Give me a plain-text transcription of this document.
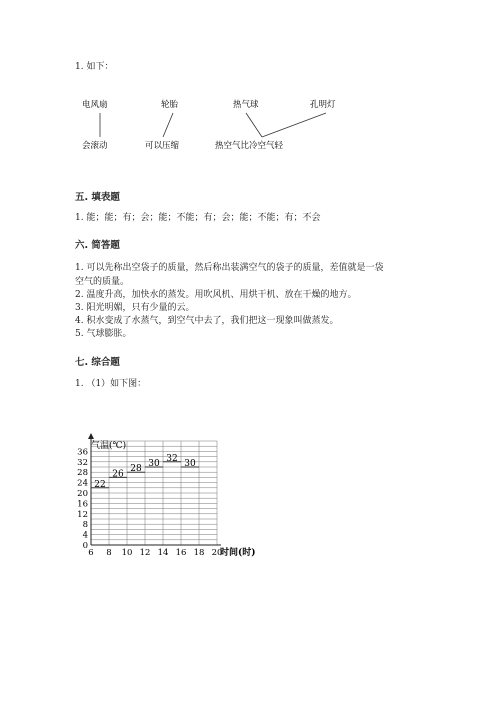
1. 如下：
电风扇	轮胎	热气球	孔明灯
会滚动	可以压缩	热空气比冷空气轻
五. 填表题
1. 能；能；有；会；能；不能；有；会；能；不能；有；不会
六. 简答题
1. 可以先称出空袋子的质量，然后称出装满空气的袋子的质量，差值就是一袋
空气的质量。
2. 温度升高，加快水的蒸发。用吹风机、用烘干机、放在干燥的地方。
3. 阳光明媚，只有少量的云。
4. 积水变成了水蒸气，到空气中去了，我们把这一现象叫做蒸发。
5. 气球膨胀。
七. 综合题
1. （1）如下图：
气温(℃)
时间(时)
0
4
8
12
16
20
24
28
32
36
6 8 10 12 14 16 18 20
22
26
28
30
32
30
